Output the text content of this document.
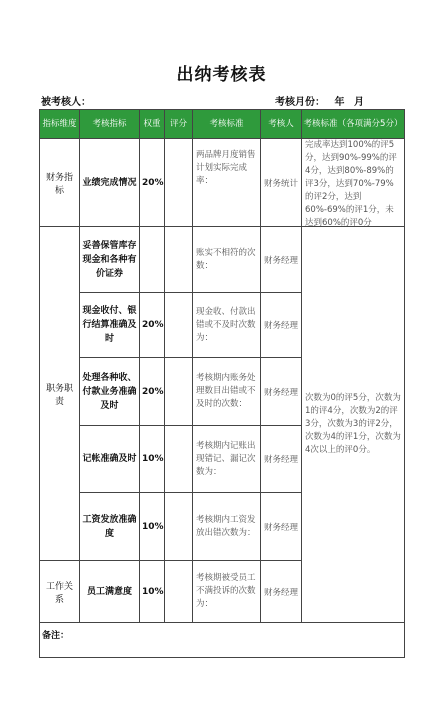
出纳考核表
被考核人：	考核月份： 年 月
指标维度	考核指标	权重	评分	考核标准	考核人	考核标准（各项满分5分）
财务指标	业绩完成情况	20%		两品牌月度销售计划实际完成率：	财务统计	完成率达到100%的评5分，达到90%-99%的评4分，达到80%-89%的评3分，达到70%-79%的评2分，达到60%-69%的评1分，未达到60%的评0分

职务职责	妥善保管库存现金和各种有价证券			账实不相符的次数：	财务经理	次数为0的评5分，次数为1的评4分，次数为2的评3分，次数为3的评2分，次数为4的评1分，次数为4次以上的评0分。

	现金收付、银行结算准确及时	20%		现金收、付款出错或不及时次数为：	财务经理	
	处理各种收、付款业务准确及时	20%		考核期内账务处理数目出错或不及时的次数：	财务经理	
	记帐准确及时	10%		考核期内记账出现错记、漏记次数为：	财务经理	
	工资发放准确度	10%		考核期内工资发放出错次数为：	财务经理	
工作关系	员工满意度	10%		考核期被受员工不满投诉的次数为：	财务经理	
备注：						
